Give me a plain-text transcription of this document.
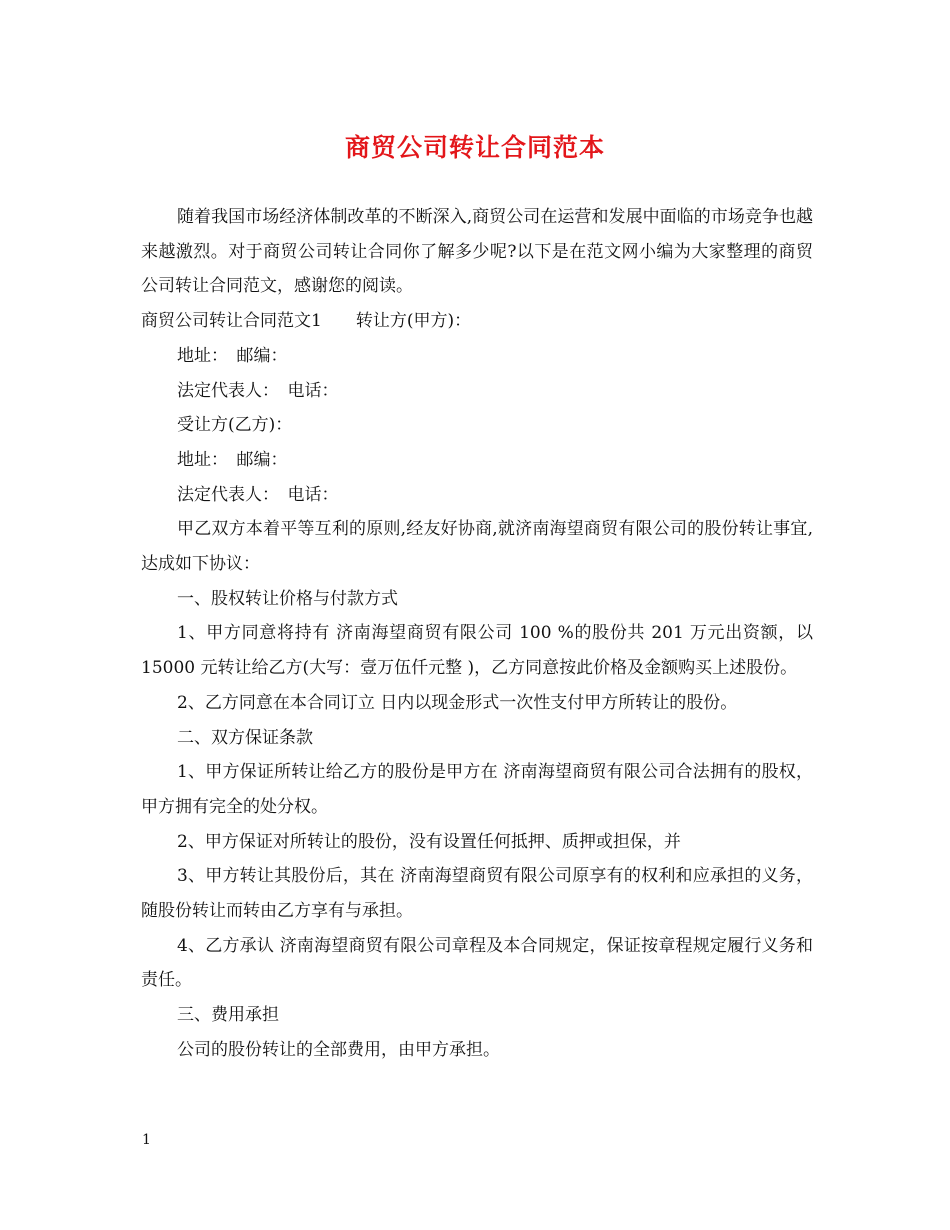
商贸公司转让合同范本

随着我国市场经济体制改革的不断深入,商贸公司在运营和发展中面临的市场竞争也越来越激烈。对于商贸公司转让合同你了解多少呢?以下是在范文网小编为大家整理的商贸公司转让合同范文，感谢您的阅读。

商贸公司转让合同范文1　　转让方(甲方)：

地址：　邮编：

法定代表人：　电话：

受让方(乙方)：

地址：　邮编：

法定代表人：　电话：

甲乙双方本着平等互利的原则,经友好协商,就济南海望商贸有限公司的股份转让事宜,达成如下协议：

一、股权转让价格与付款方式

1、甲方同意将持有 济南海望商贸有限公司 100 %的股份共 201 万元出资额，以 15000 元转让给乙方(大写：壹万伍仟元整 )，乙方同意按此价格及金额购买上述股份。

2、乙方同意在本合同订立 日内以现金形式一次性支付甲方所转让的股份。

二、双方保证条款

1、甲方保证所转让给乙方的股份是甲方在 济南海望商贸有限公司合法拥有的股权，甲方拥有完全的处分权。

2、甲方保证对所转让的股份，没有设置任何抵押、质押或担保，并

3、甲方转让其股份后，其在 济南海望商贸有限公司原享有的权利和应承担的义务，随股份转让而转由乙方享有与承担。

4、乙方承认 济南海望商贸有限公司章程及本合同规定，保证按章程规定履行义务和责任。

三、费用承担

公司的股份转让的全部费用，由甲方承担。

1
